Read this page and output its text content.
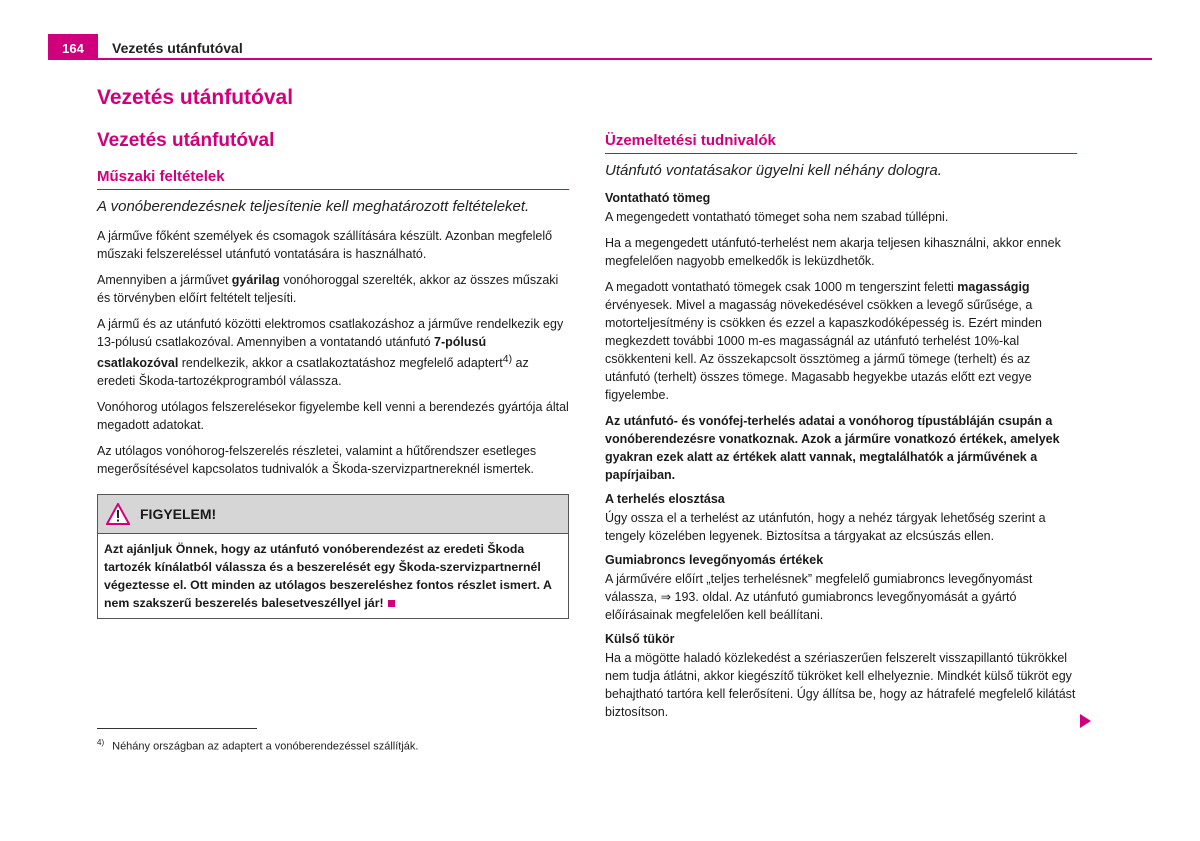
164	Vezetés utánfutóval
Vezetés utánfutóval
Vezetés utánfutóval
Műszaki feltételek
A vonóberendezésnek teljesítenie kell meghatározott feltételeket.

A járműve főként személyek és csomagok szállítására készült. Azonban megfelelő műszaki felszereléssel utánfutó vontatására is használható.

Amennyiben a járművet gyárilag vonóhoroggal szerelték, akkor az összes műszaki és törvényben előírt feltételt teljesíti.

A jármű és az utánfutó közötti elektromos csatlakozáshoz a járműve rendelkezik egy 13-pólusú csatlakozóval. Amennyiben a vontatandó utánfutó 7-pólusú csatlakozóval rendelkezik, akkor a csatlakoztatáshoz megfelelő adaptert$^{4)}$ az eredeti Škoda-tartozékprogramból válassza.

Vonóhorog utólagos felszerelésekor figyelembe kell venni a berendezés gyártója által megadott adatokat.

Az utólagos vonóhorog-felszerelés részletei, valamint a hűtőrendszer esetleges megerősítésével kapcsolatos tudnivalók a Škoda-szervizpartnereknél ismertek.

FIGYELEM!
Azt ajánljuk Önnek, hogy az utánfutó vonóberendezést az eredeti Škoda tartozék kínálatból válassza és a beszerelését egy Škoda-szervizpartnernél végeztesse el. Ott minden az utólagos beszereléshez fontos részlet ismert. A nem szakszerű beszerelés balesetveszéllyel jár!
Üzemeltetési tudnivalók
Utánfutó vontatásakor ügyelni kell néhány dologra.
Vontatható tömeg

A megengedett vontatható tömeget soha nem szabad túllépni.

Ha a megengedett utánfutó-terhelést nem akarja teljesen kihasználni, akkor ennek megfelelően nagyobb emelkedők is leküzdhetők.

A megadott vontatható tömegek csak 1000 m tengerszint feletti magasságig érvényesek. Mivel a magasság növekedésével csökken a levegő sűrűsége, a motorteljesítmény is csökken és ezzel a kapaszkodóképesség is. Ezért minden megkezdett további 1000 m-es magasságnál az utánfutó terhelést 10%-kal csökkenteni kell. Az összekapcsolt össztömeg a jármű tömege (terhelt) és az utánfutó (terhelt) összes tömege. Magasabb hegyekbe utazás előtt ezt vegye figyelembe.

Az utánfutó- és vonófej-terhelés adatai a vonóhorog típustábláján csupán a vonóberendezésre vonatkoznak. Azok a járműre vonatkozó értékek, amelyek gyakran ezek alatt az értékek alatt vannak, megtalálhatók a járművének a papírjaiban.

A terhelés elosztása

Úgy ossza el a terhelést az utánfutón, hogy a nehéz tárgyak lehetőség szerint a tengely közelében legyenek. Biztosítsa a tárgyakat az elcsúszás ellen.

Gumiabroncs levegőnyomás értékek

A járművére előírt „teljes terhelésnek” megfelelő gumiabroncs levegőnyomást válassza, ⇒ 193. oldal. Az utánfutó gumiabroncs levegőnyomását a gyártó előírásainak megfelelően kell beállítani.

Külső tükör

Ha a mögötte haladó közlekedést a szériaszerűen felszerelt visszapillantó tükrökkel nem tudja átlátni, akkor kiegészítő tükröket kell elhelyeznie. Mindkét külső tükröt egy behajtható tartóra kell felerősíteni. Úgy állítsa be, hogy az hátrafelé megfelelő kilátást biztosítson.

$^{4)}$ Néhány országban az adaptert a vonóberendezéssel szállítják.
